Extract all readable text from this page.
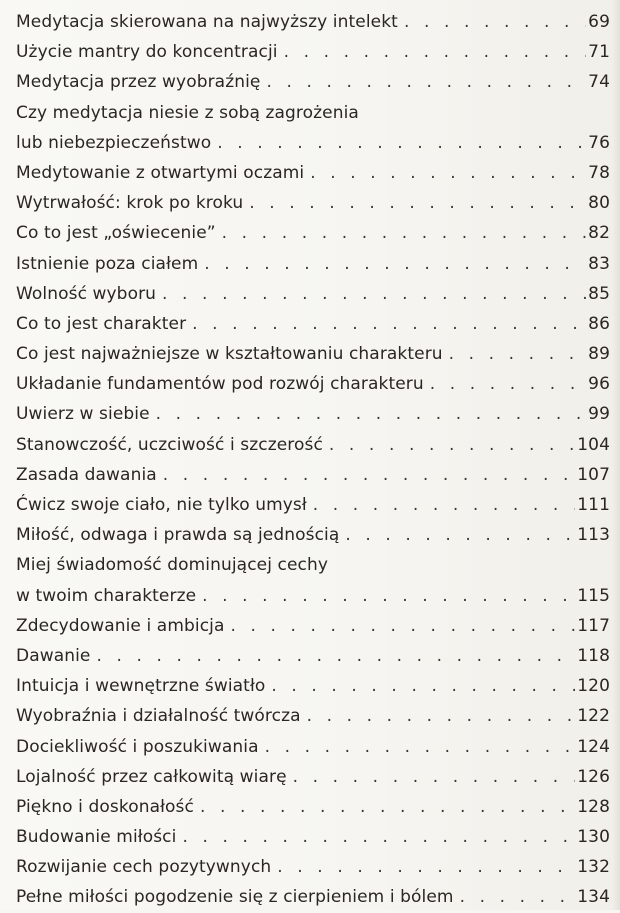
Medytacja skierowana na najwyższy intelekt . . .	69
Użycie mantry do koncentracji . . .	71
Medytacja przez wyobraźnię . . .	74
Czy medytacja niesie z sobą zagrożenia
lub niebezpieczeństwo . . .	76
Medytowanie z otwartymi oczami . . .	78
Wytrwałość: krok po kroku . . .	80
Co to jest „oświecenie” . . .	82
Istnienie poza ciałem . . .	83
Wolność wyboru . . .	85
Co to jest charakter . . .	86
Co jest najważniejsze w kształtowaniu charakteru . . .	89
Układanie fundamentów pod rozwój charakteru . . .	96
Uwierz w siebie . . .	99
Stanowczość, uczciwość i szczerość . . .	104
Zasada dawania . . .	107
Ćwicz swoje ciało, nie tylko umysł . . .	111
Miłość, odwaga i prawda są jednością . . .	113
Miej świadomość dominującej cechy
w twoim charakterze . . .	115
Zdecydowanie i ambicja . . .	117
Dawanie . . .	118
Intuicja i wewnętrzne światło . . .	120
Wyobraźnia i działalność twórcza . . .	122
Dociekliwość i poszukiwania . . .	124
Lojalność przez całkowitą wiarę . . .	126
Piękno i doskonałość . . .	128
Budowanie miłości . . .	130
Rozwijanie cech pozytywnych . . .	132
Pełne miłości pogodzenie się z cierpieniem i bólem . . .	134
